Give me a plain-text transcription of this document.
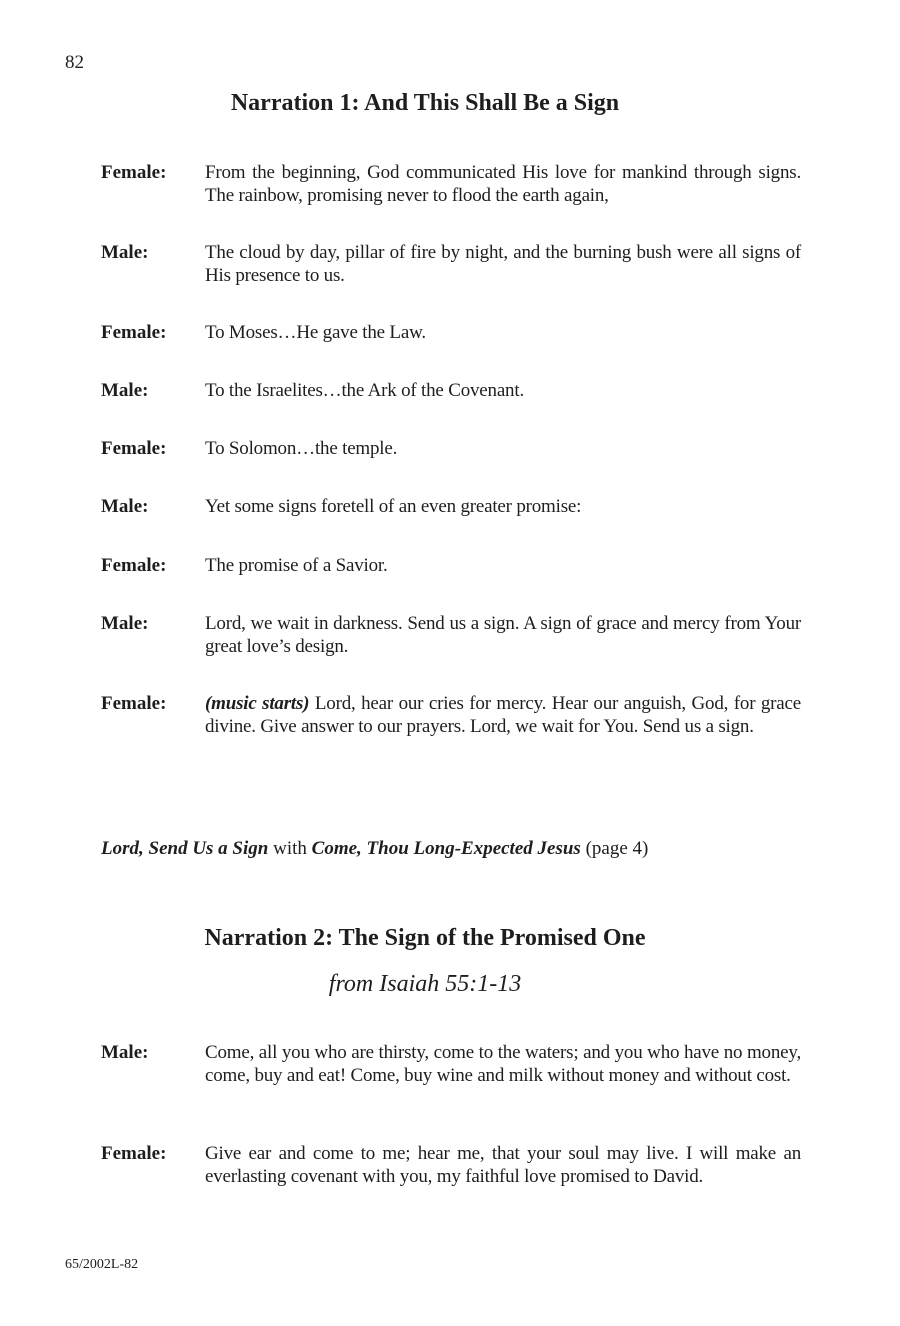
82
Narration 1: And This Shall Be a Sign
Female:	From the beginning, God communicated His love for mankind through signs. The rainbow, promising never to flood the earth again,
Male:	The cloud by day, pillar of fire by night, and the burning bush were all signs of His presence to us.
Female:	To Moses…He gave the Law.
Male:	To the Israelites…the Ark of the Covenant.
Female:	To Solomon…the temple.
Male:	Yet some signs foretell of an even greater promise:
Female:	The promise of a Savior.
Male:	Lord, we wait in darkness. Send us a sign. A sign of grace and mercy from Your great love’s design.
Female:	(music starts) Lord, hear our cries for mercy. Hear our anguish, God, for grace divine. Give answer to our prayers. Lord, we wait for You. Send us a sign.
Lord, Send Us a Sign with Come, Thou Long-Expected Jesus (page 4)
Narration 2: The Sign of the Promised One
from Isaiah 55:1-13
Male:	Come, all you who are thirsty, come to the waters; and you who have no money, come, buy and eat! Come, buy wine and milk without money and without cost.
Female:	Give ear and come to me; hear me, that your soul may live. I will make an everlasting covenant with you, my faithful love promised to David.
65/2002L-82
